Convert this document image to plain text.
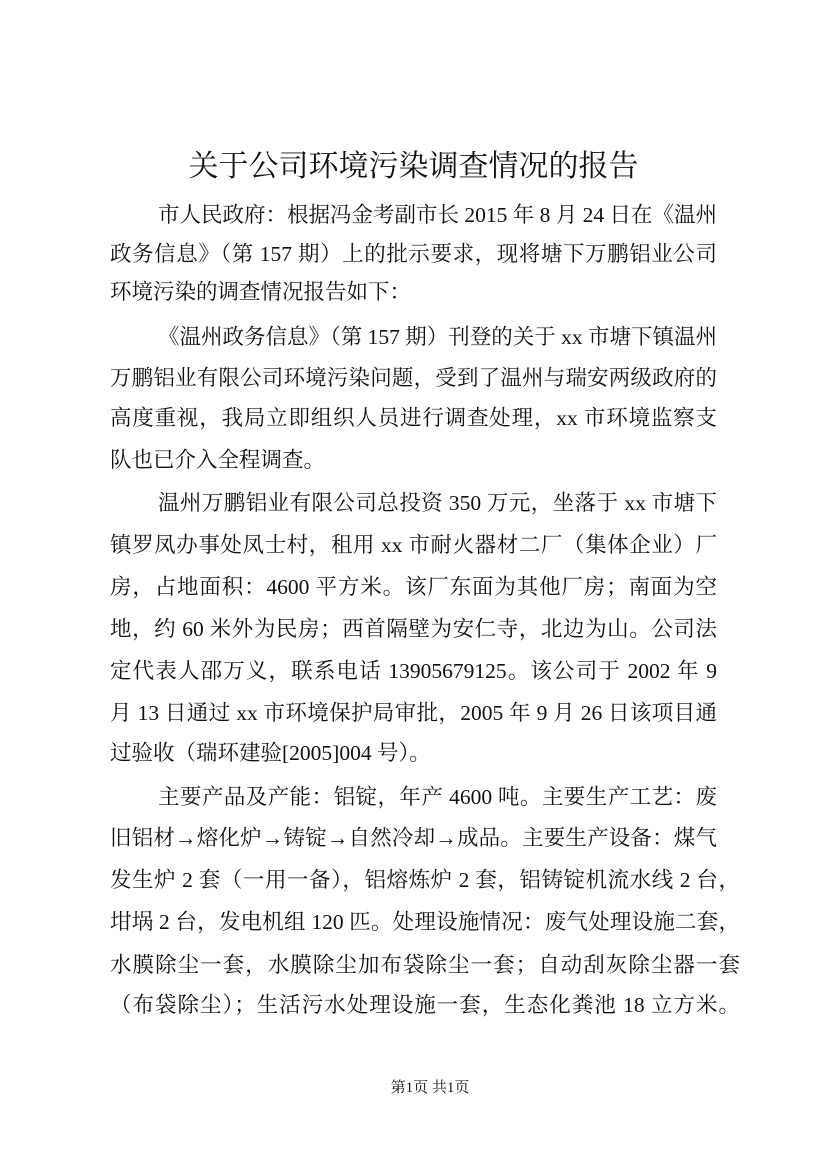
关于公司环境污染调查情况的报告
市人民政府：根据冯金考副市长 2015 年 8 月 24 日在《温州
政务信息》（第 157 期）上的批示要求，现将塘下万鹏铝业公司
环境污染的调查情况报告如下：
《温州政务信息》（第 157 期）刊登的关于 xx 市塘下镇温州
万鹏铝业有限公司环境污染问题，受到了温州与瑞安两级政府的
高度重视，我局立即组织人员进行调查处理，xx 市环境监察支
队也已介入全程调查。
温州万鹏铝业有限公司总投资 350 万元，坐落于 xx 市塘下
镇罗凤办事处凤士村，租用 xx 市耐火器材二厂（集体企业）厂
房，占地面积：4600 平方米。该厂东面为其他厂房；南面为空
地，约 60 米外为民房；西首隔壁为安仁寺，北边为山。公司法
定代表人邵万义，联系电话 13905679125。该公司于 2002 年 9
月 13 日通过 xx 市环境保护局审批，2005 年 9 月 26 日该项目通
过验收（瑞环建验[2005]004 号）。
主要产品及产能：铝锭，年产 4600 吨。主要生产工艺：废
旧铝材→熔化炉→铸锭→自然冷却→成品。主要生产设备：煤气
发生炉 2 套（一用一备），铝熔炼炉 2 套，铝铸锭机流水线 2 台，
坩埚 2 台，发电机组 120 匹。处理设施情况：废气处理设施二套，
水膜除尘一套，水膜除尘加布袋除尘一套；自动刮灰除尘器一套
（布袋除尘）；生活污水处理设施一套，生态化粪池 18 立方米。
第1页 共1页
